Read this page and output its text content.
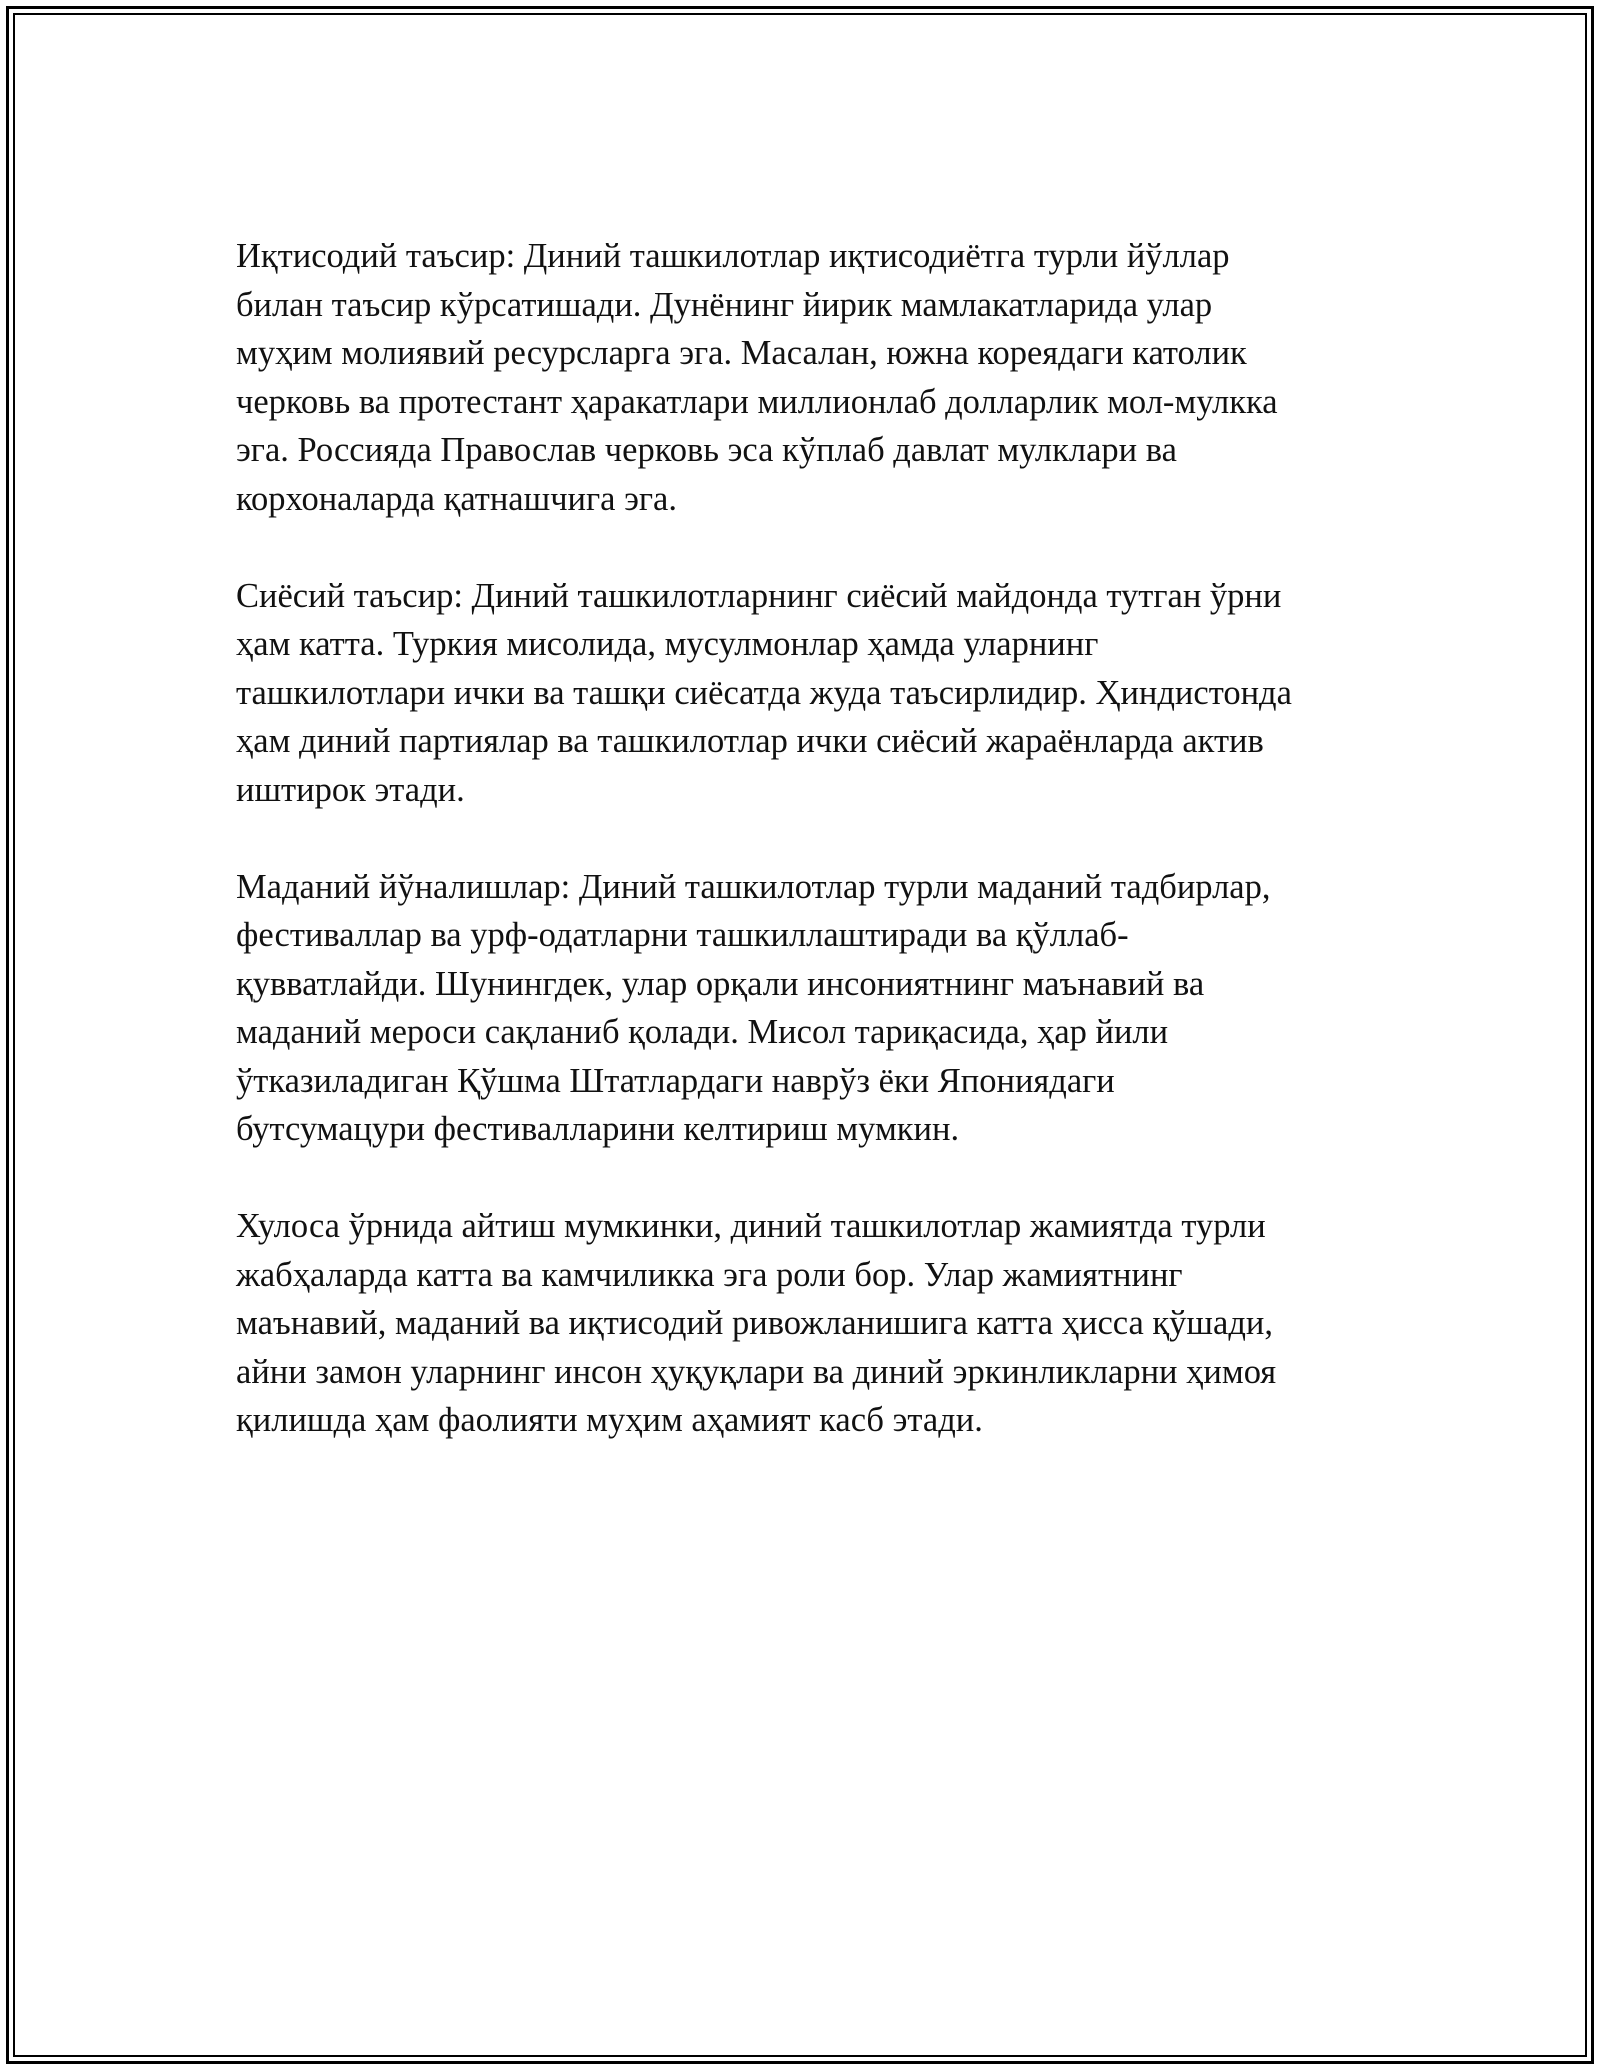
Иқтисодий таъсир: Диний ташкилотлар иқтисодиётга турли йўллар
билан таъсир кўрсатишади. Дунёнинг йирик мамлакатларида улар
муҳим молиявий ресурсларга эга. Масалан, южна кореядаги католик
черковь ва протестант ҳаракатлари миллионлаб долларлик мол-мулкка
эга. Россияда Православ черковь эса кўплаб давлат мулклари ва
корхоналарда қатнашчига эга.

Сиёсий таъсир: Диний ташкилотларнинг сиёсий майдонда тутган ўрни
ҳам катта. Туркия мисолида, мусулмонлар ҳамда уларнинг
ташкилотлари ички ва ташқи сиёсатда жуда таъсирлидир. Ҳиндистонда
ҳам диний партиялар ва ташкилотлар ички сиёсий жараёнларда актив
иштирок этади.

Маданий йўналишлар: Диний ташкилотлар турли маданий тадбирлар,
фестиваллар ва урф-одатларни ташкиллаштиради ва қўллаб-
қувватлайди. Шунингдек, улар орқали инсониятнинг маънавий ва
маданий мероси сақланиб қолади. Мисол тариқасида, ҳар йили
ўтказиладиган Қўшма Штатлардаги наврўз ёки Япониядаги
бутсумацури фестивалларини келтириш мумкин.

Хулоса ўрнида айтиш мумкинки, диний ташкилотлар жамиятда турли
жабҳаларда катта ва камчиликка эга роли бор. Улар жамиятнинг
маънавий, маданий ва иқтисодий ривожланишига катта ҳисса қўшади,
айни замон уларнинг инсон ҳуқуқлари ва диний эркинликларни ҳимоя
қилишда ҳам фаолияти муҳим аҳамият касб этади.
